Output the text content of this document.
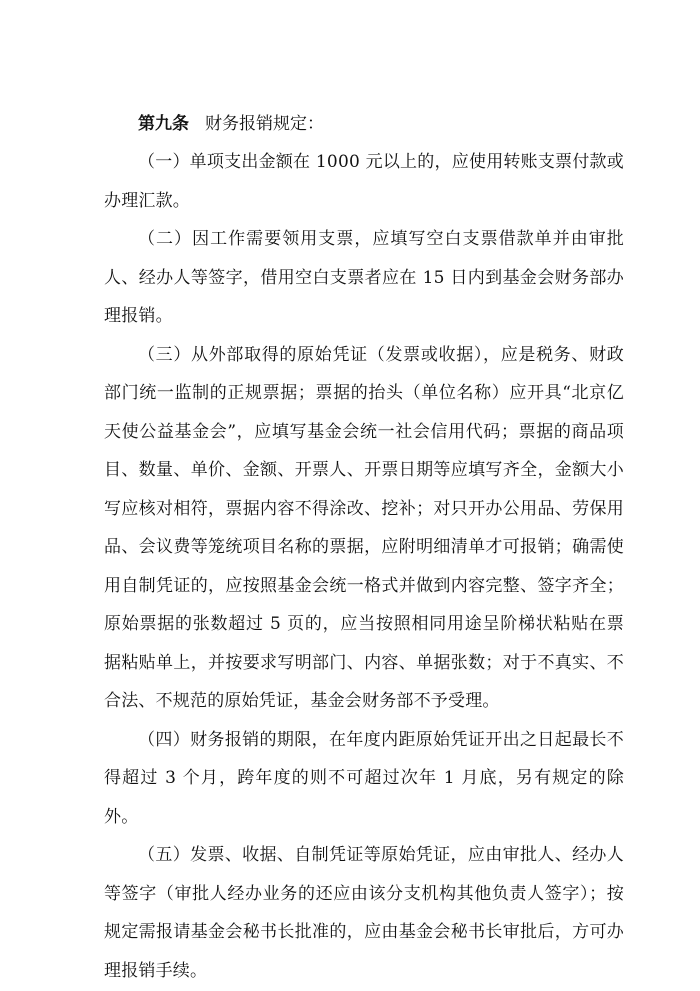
第九条 财务报销规定：

（一）单项支出金额在 1000 元以上的，应使用转账支票付款或办理汇款。

（二）因工作需要领用支票，应填写空白支票借款单并由审批人、经办人等签字，借用空白支票者应在 15 日内到基金会财务部办理报销。

（三）从外部取得的原始凭证（发票或收据），应是税务、财政部门统一监制的正规票据；票据的抬头（单位名称）应开具“北京亿天使公益基金会”，应填写基金会统一社会信用代码；票据的商品项目、数量、单价、金额、开票人、开票日期等应填写齐全，金额大小写应核对相符，票据内容不得涂改、挖补；对只开办公用品、劳保用品、会议费等笼统项目名称的票据，应附明细清单才可报销；确需使用自制凭证的，应按照基金会统一格式并做到内容完整、签字齐全；原始票据的张数超过 5 页的，应当按照相同用途呈阶梯状粘贴在票据粘贴单上，并按要求写明部门、内容、单据张数；对于不真实、不合法、不规范的原始凭证，基金会财务部不予受理。

（四）财务报销的期限，在年度内距原始凭证开出之日起最长不得超过 3 个月，跨年度的则不可超过次年 1 月底，另有规定的除外。

（五）发票、收据、自制凭证等原始凭证，应由审批人、经办人等签字（审批人经办业务的还应由该分支机构其他负责人签字）；按规定需报请基金会秘书长批准的，应由基金会秘书长审批后，方可办理报销手续。
